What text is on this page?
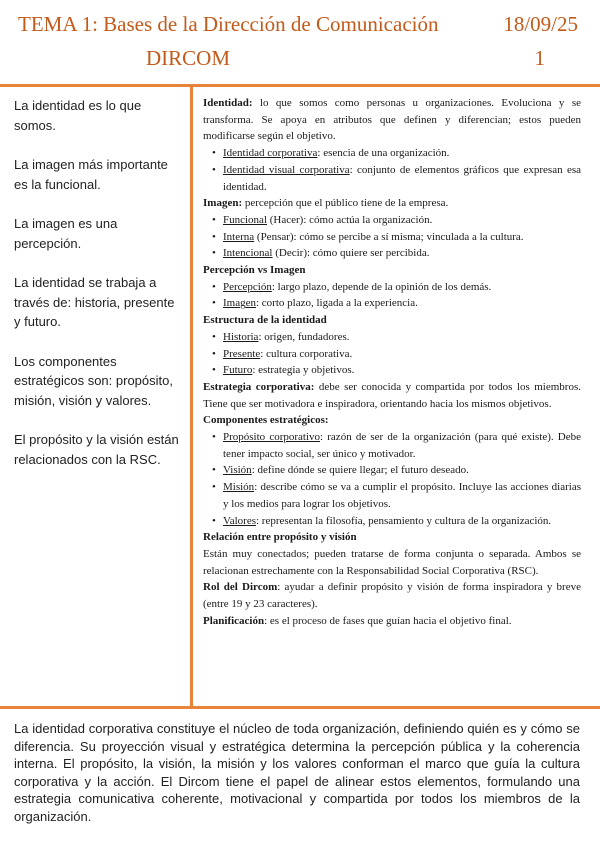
TEMA 1: Bases de la Dirección de Comunicación	18/09/25
DIRCOM	1

La identidad es lo que somos.

La imagen más importante es la funcional.

La imagen es una percepción.

La identidad se trabaja a través de: historia, presente y futuro.

Los componentes estratégicos son: propósito, misión, visión y valores.

El propósito y la visión están relacionados con la RSC.

Identidad: lo que somos como personas u organizaciones. Evoluciona y se transforma. Se apoya en atributos que definen y diferencian; estos pueden modificarse según el objetivo.

• Identidad corporativa: esencia de una organización.
• Identidad visual corporativa: conjunto de elementos gráficos que expresan esa identidad.

Imagen: percepción que el público tiene de la empresa.

• Funcional (Hacer): cómo actúa la organización.
• Interna (Pensar): cómo se percibe a sí misma; vinculada a la cultura.
• Intencional (Decir): cómo quiere ser percibida.

Percepción vs Imagen

• Percepción: largo plazo, depende de la opinión de los demás.
• Imagen: corto plazo, ligada a la experiencia.

Estructura de la identidad

• Historia: origen, fundadores.
• Presente: cultura corporativa.
• Futuro: estrategia y objetivos.

Estrategia corporativa: debe ser conocida y compartida por todos los miembros. Tiene que ser motivadora e inspiradora, orientando hacia los mismos objetivos.

Componentes estratégicos:

• Propósito corporativo: razón de ser de la organización (para qué existe). Debe tener impacto social, ser único y motivador.
• Visión: define dónde se quiere llegar; el futuro deseado.
• Misión: describe cómo se va a cumplir el propósito. Incluye las acciones diarias y los medios para lograr los objetivos.
• Valores: representan la filosofía, pensamiento y cultura de la organización.

Relación entre propósito y visión

Están muy conectados; pueden tratarse de forma conjunta o separada. Ambos se relacionan estrechamente con la Responsabilidad Social Corporativa (RSC).

Rol del Dircom: ayudar a definir propósito y visión de forma inspiradora y breve (entre 19 y 23 caracteres).

Planificación: es el proceso de fases que guían hacia el objetivo final.

La identidad corporativa constituye el núcleo de toda organización, definiendo quién es y cómo se diferencia. Su proyección visual y estratégica determina la percepción pública y la coherencia interna. El propósito, la visión, la misión y los valores conforman el marco que guía la cultura corporativa y la acción. El Dircom tiene el papel de alinear estos elementos, formulando una estrategia comunicativa coherente, motivacional y compartida por todos los miembros de la organización.
